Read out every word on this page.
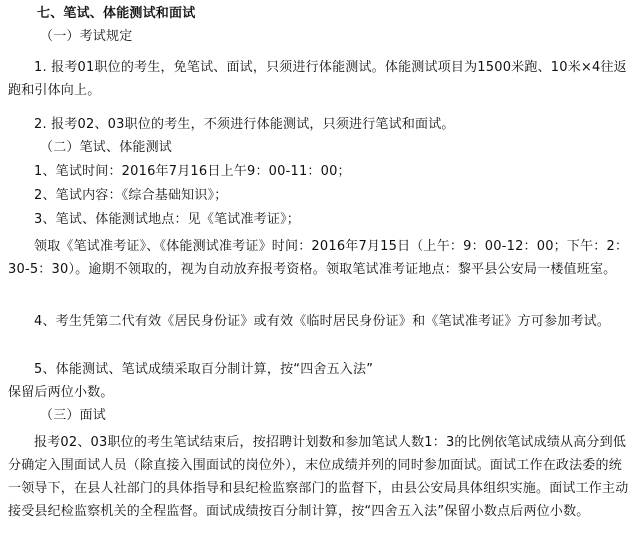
七、笔试、体能测试和面试
（一）考试规定
1. 报考01职位的考生，免笔试、面试，只须进行体能测试。体能测试项目为1500米跑、10米×4往返跑和引体向上。
2. 报考02、03职位的考生，不须进行体能测试，只须进行笔试和面试。
（二）笔试、体能测试
1、笔试时间：2016年7月16日上午9：00-11：00；
2、笔试内容：《综合基础知识》；
3、笔试、体能测试地点：见《笔试准考证》；
领取《笔试准考证》、《体能测试准考证》时间：2016年7月15日（上午：9：00-12：00；下午：2：30-5：30）。逾期不领取的，视为自动放弃报考资格。领取笔试准考证地点：黎平县公安局一楼值班室。
4、考生凭第二代有效《居民身份证》或有效《临时居民身份证》和《笔试准考证》方可参加考试。
5、体能测试、笔试成绩采取百分制计算，按“四舍五入法”
保留后两位小数。
（三）面试
报考02、03职位的考生笔试结束后，按招聘计划数和参加笔试人数1：3的比例依笔试成绩从高分到低分确定入围面试人员（除直接入围面试的岗位外），末位成绩并列的同时参加面试。面试工作在政法委的统一领导下，在县人社部门的具体指导和县纪检监察部门的监督下，由县公安局具体组织实施。面试工作主动接受县纪检监察机关的全程监督。面试成绩按百分制计算，按“四舍五入法”保留小数点后两位小数。
